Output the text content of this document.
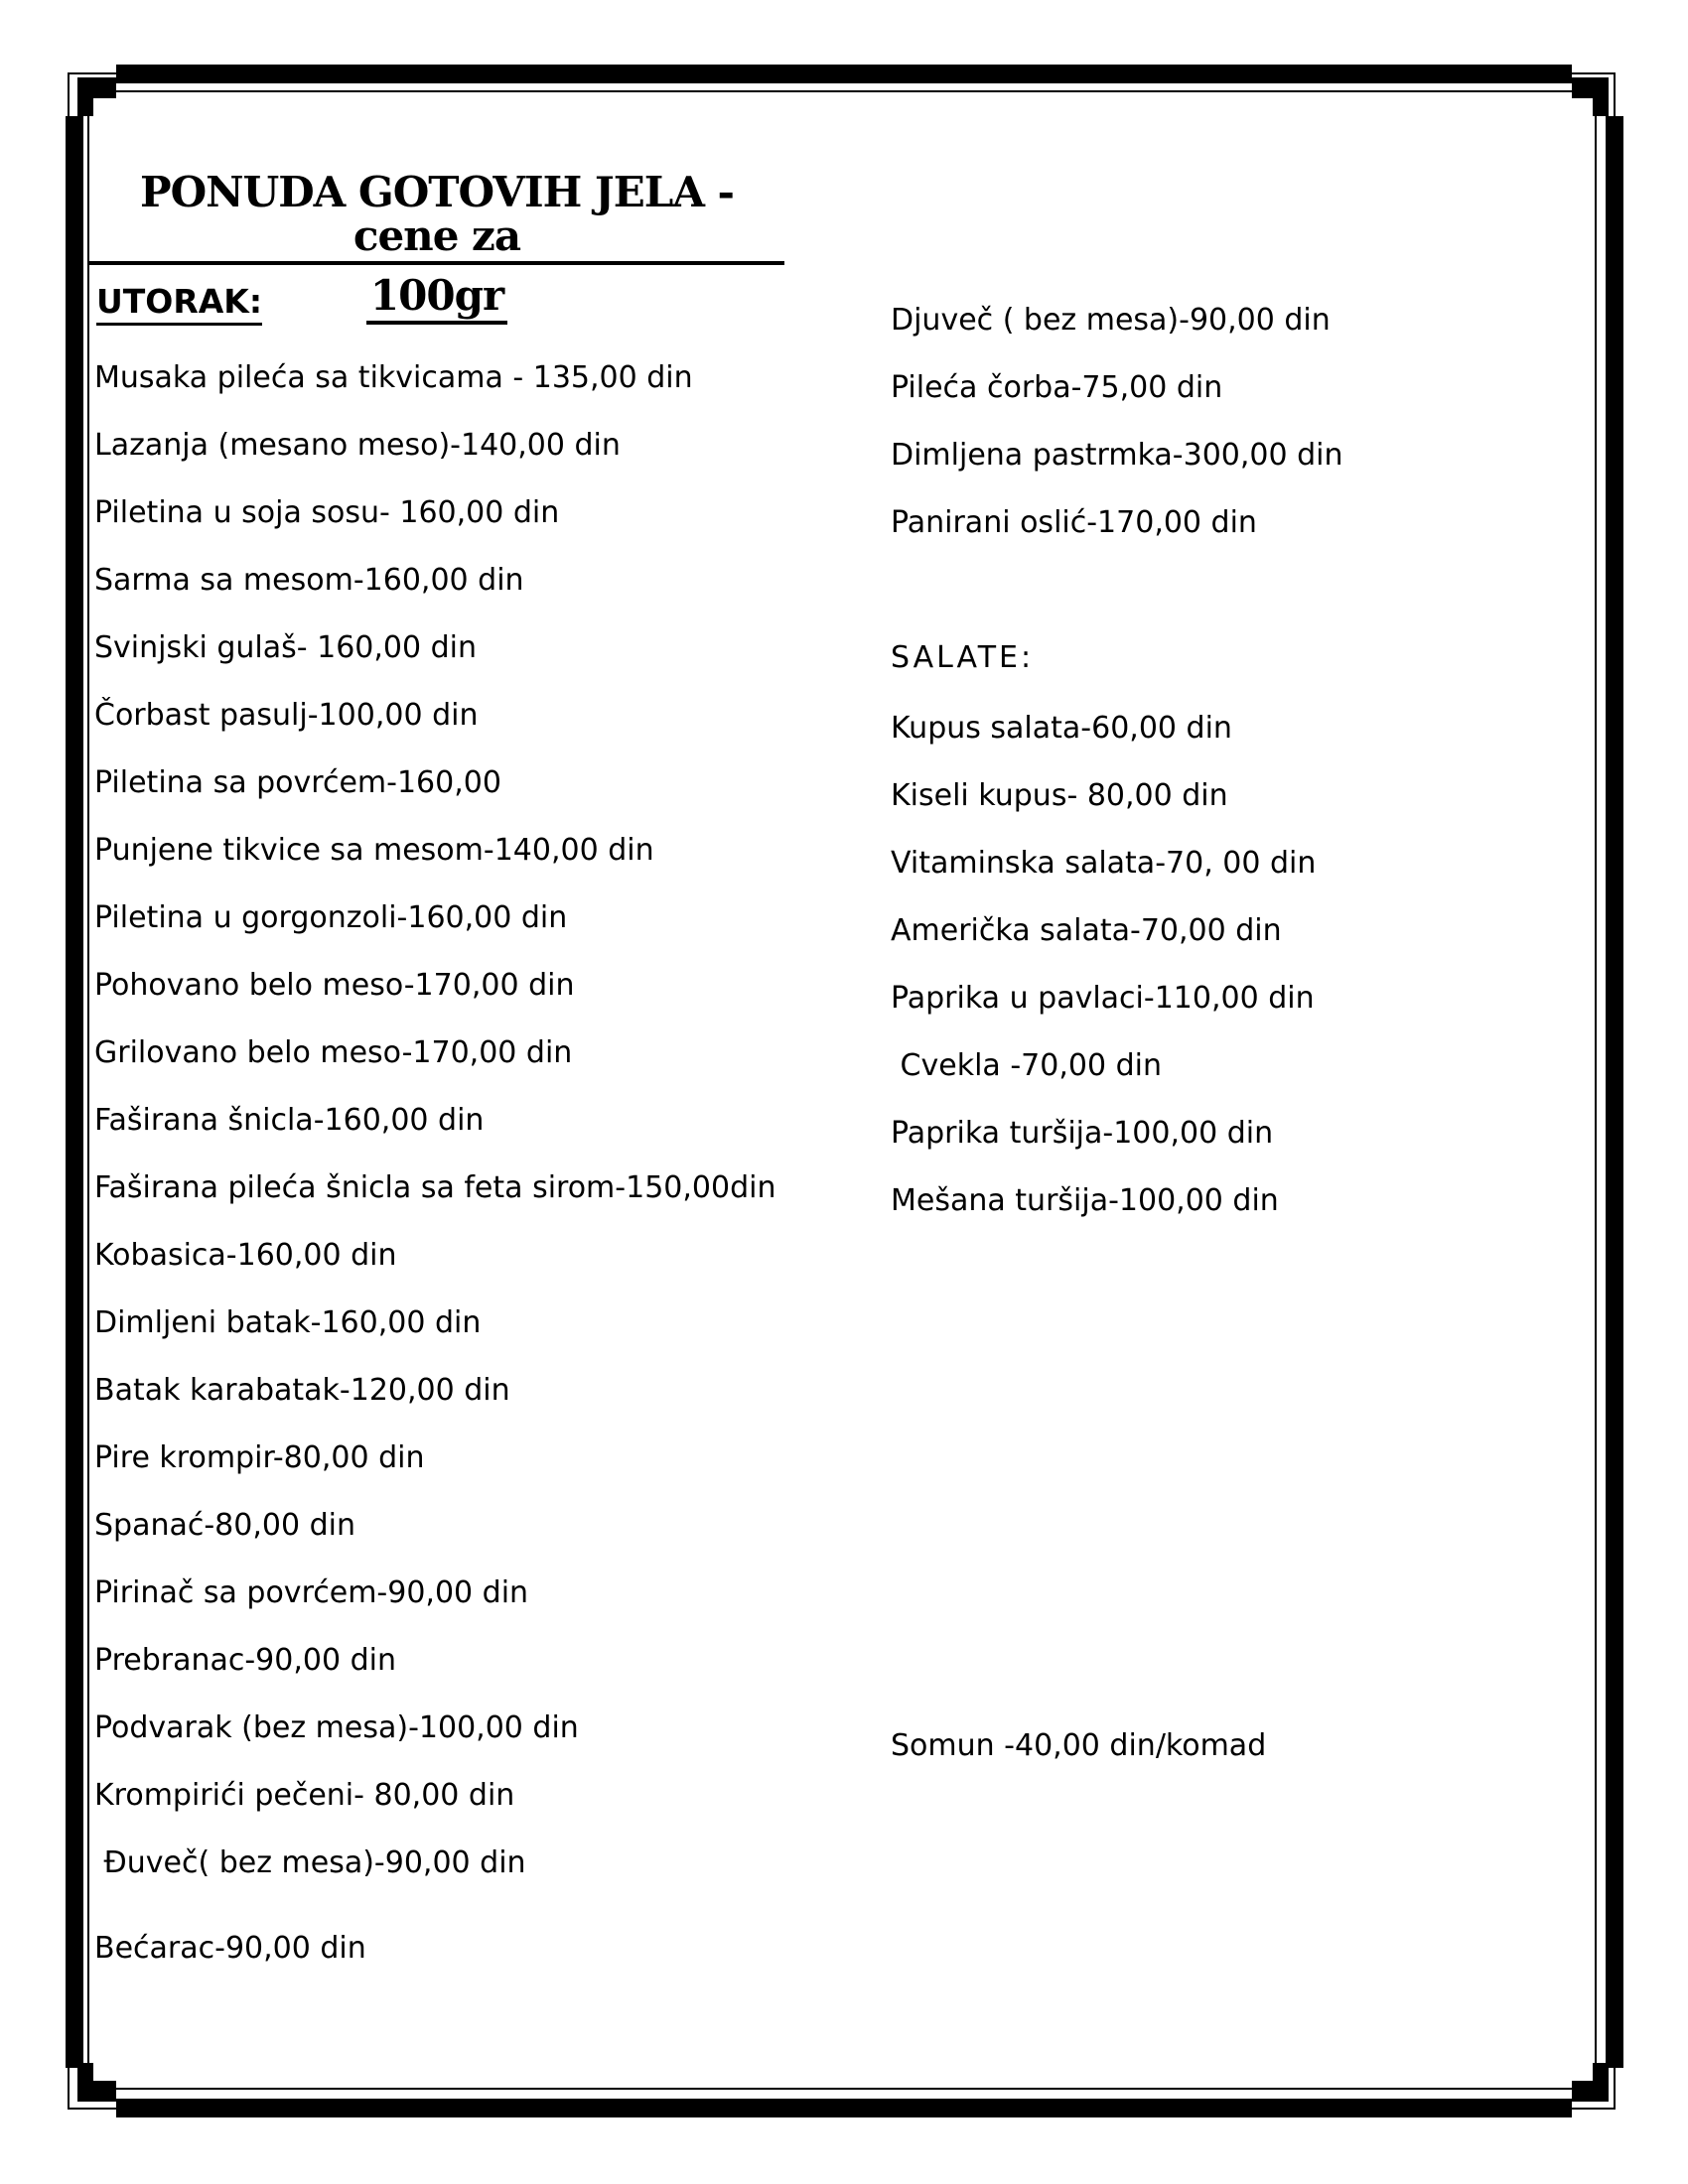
PONUDA GOTOVIH JELA - cene za
100gr
UTORAK:
Musaka pileća sa tikvicama - 135,00 din
Lazanja (mesano meso)-140,00 din
Piletina u soja sosu- 160,00 din
Sarma sa mesom-160,00 din
Svinjski gulaš- 160,00 din
Čorbast pasulj-100,00 din
Piletina sa povrćem-160,00
Punjene tikvice sa mesom-140,00 din
Piletina u gorgonzoli-160,00 din
Pohovano belo meso-170,00 din
Grilovano belo meso-170,00 din
Faširana šnicla-160,00 din
Faširana pileća šnicla sa feta sirom-150,00din
Kobasica-160,00 din
Dimljeni batak-160,00 din
Batak karabatak-120,00 din
Pire krompir-80,00 din
Spanać-80,00 din
Pirinač sa povrćem-90,00 din
Prebranac-90,00 din
Podvarak (bez mesa)-100,00 din
Krompirići pečeni- 80,00 din
Đuveč( bez mesa)-90,00 din
Bećarac-90,00 din
Djuveč ( bez mesa)-90,00 din
Pileća čorba-75,00 din
Dimljena pastrmka-300,00 din
Panirani oslić-170,00 din
SALATE:
Kupus salata-60,00 din
Kiseli kupus- 80,00 din
Vitaminska salata-70, 00 din
Američka salata-70,00 din
Paprika u pavlaci-110,00 din
Cvekla -70,00 din
Paprika turšija-100,00 din
Mešana turšija-100,00 din
Somun -40,00 din/komad
